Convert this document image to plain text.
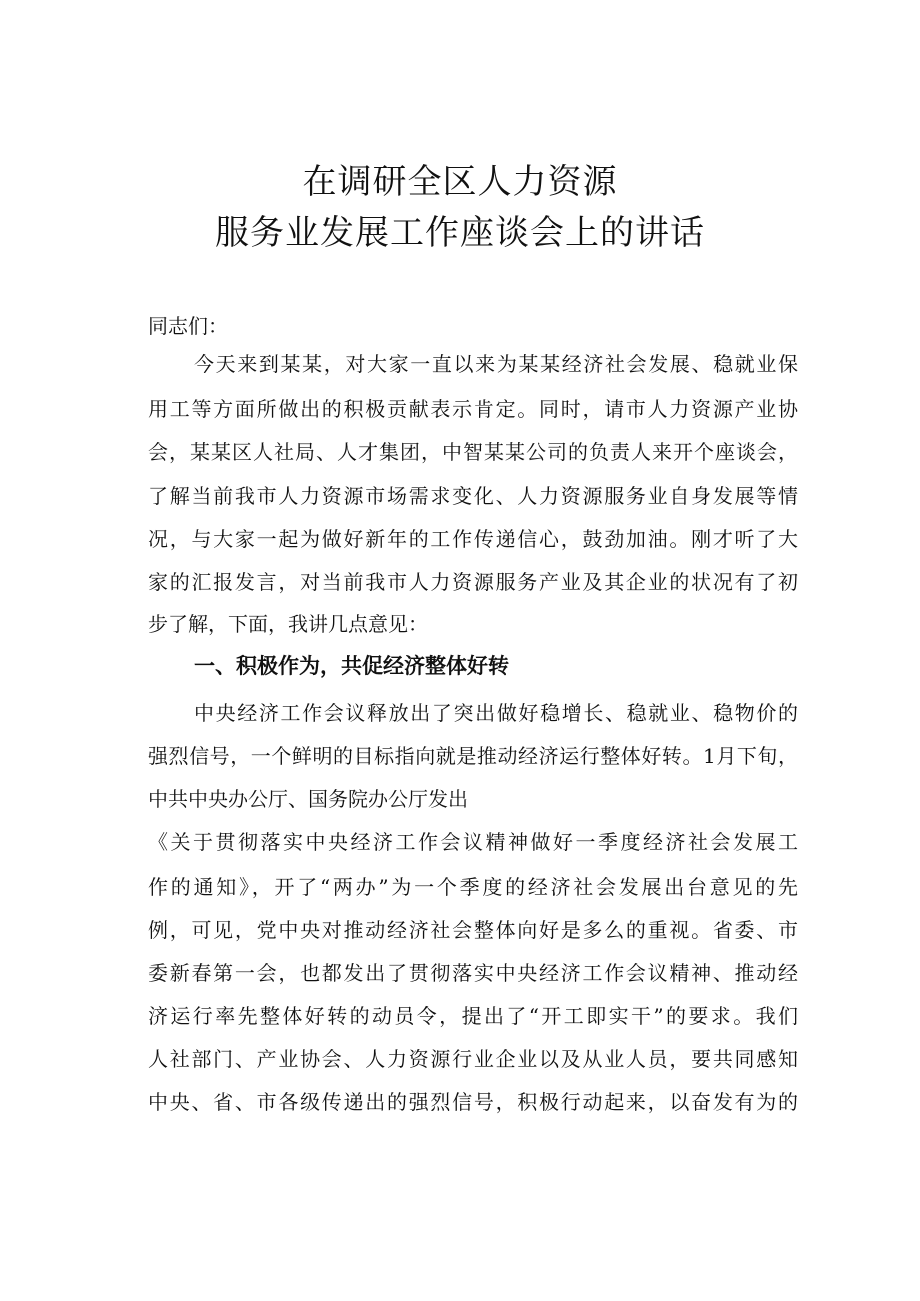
在调研全区人力资源
服务业发展工作座谈会上的讲话
同志们：
今天来到某某，对大家一直以来为某某经济社会发展、稳就业保
用工等方面所做出的积极贡献表示肯定。同时，请市人力资源产业协
会，某某区人社局、人才集团，中智某某公司的负责人来开个座谈会，
了解当前我市人力资源市场需求变化、人力资源服务业自身发展等情
况，与大家一起为做好新年的工作传递信心，鼓劲加油。刚才听了大
家的汇报发言，对当前我市人力资源服务产业及其企业的状况有了初
步了解，下面，我讲几点意见：
一、积极作为，共促经济整体好转
中央经济工作会议释放出了突出做好稳增长、稳就业、稳物价的
强烈信号，一个鲜明的目标指向就是推动经济运行整体好转。1月下旬，
中共中央办公厅、国务院办公厅发出
《关于贯彻落实中央经济工作会议精神做好一季度经济社会发展工
作的通知》，开了“两办”为一个季度的经济社会发展出台意见的先
例，可见，党中央对推动经济社会整体向好是多么的重视。省委、市
委新春第一会，也都发出了贯彻落实中央经济工作会议精神、推动经
济运行率先整体好转的动员令，提出了“开工即实干”的要求。我们
人社部门、产业协会、人力资源行业企业以及从业人员，要共同感知
中央、省、市各级传递出的强烈信号，积极行动起来，以奋发有为的
